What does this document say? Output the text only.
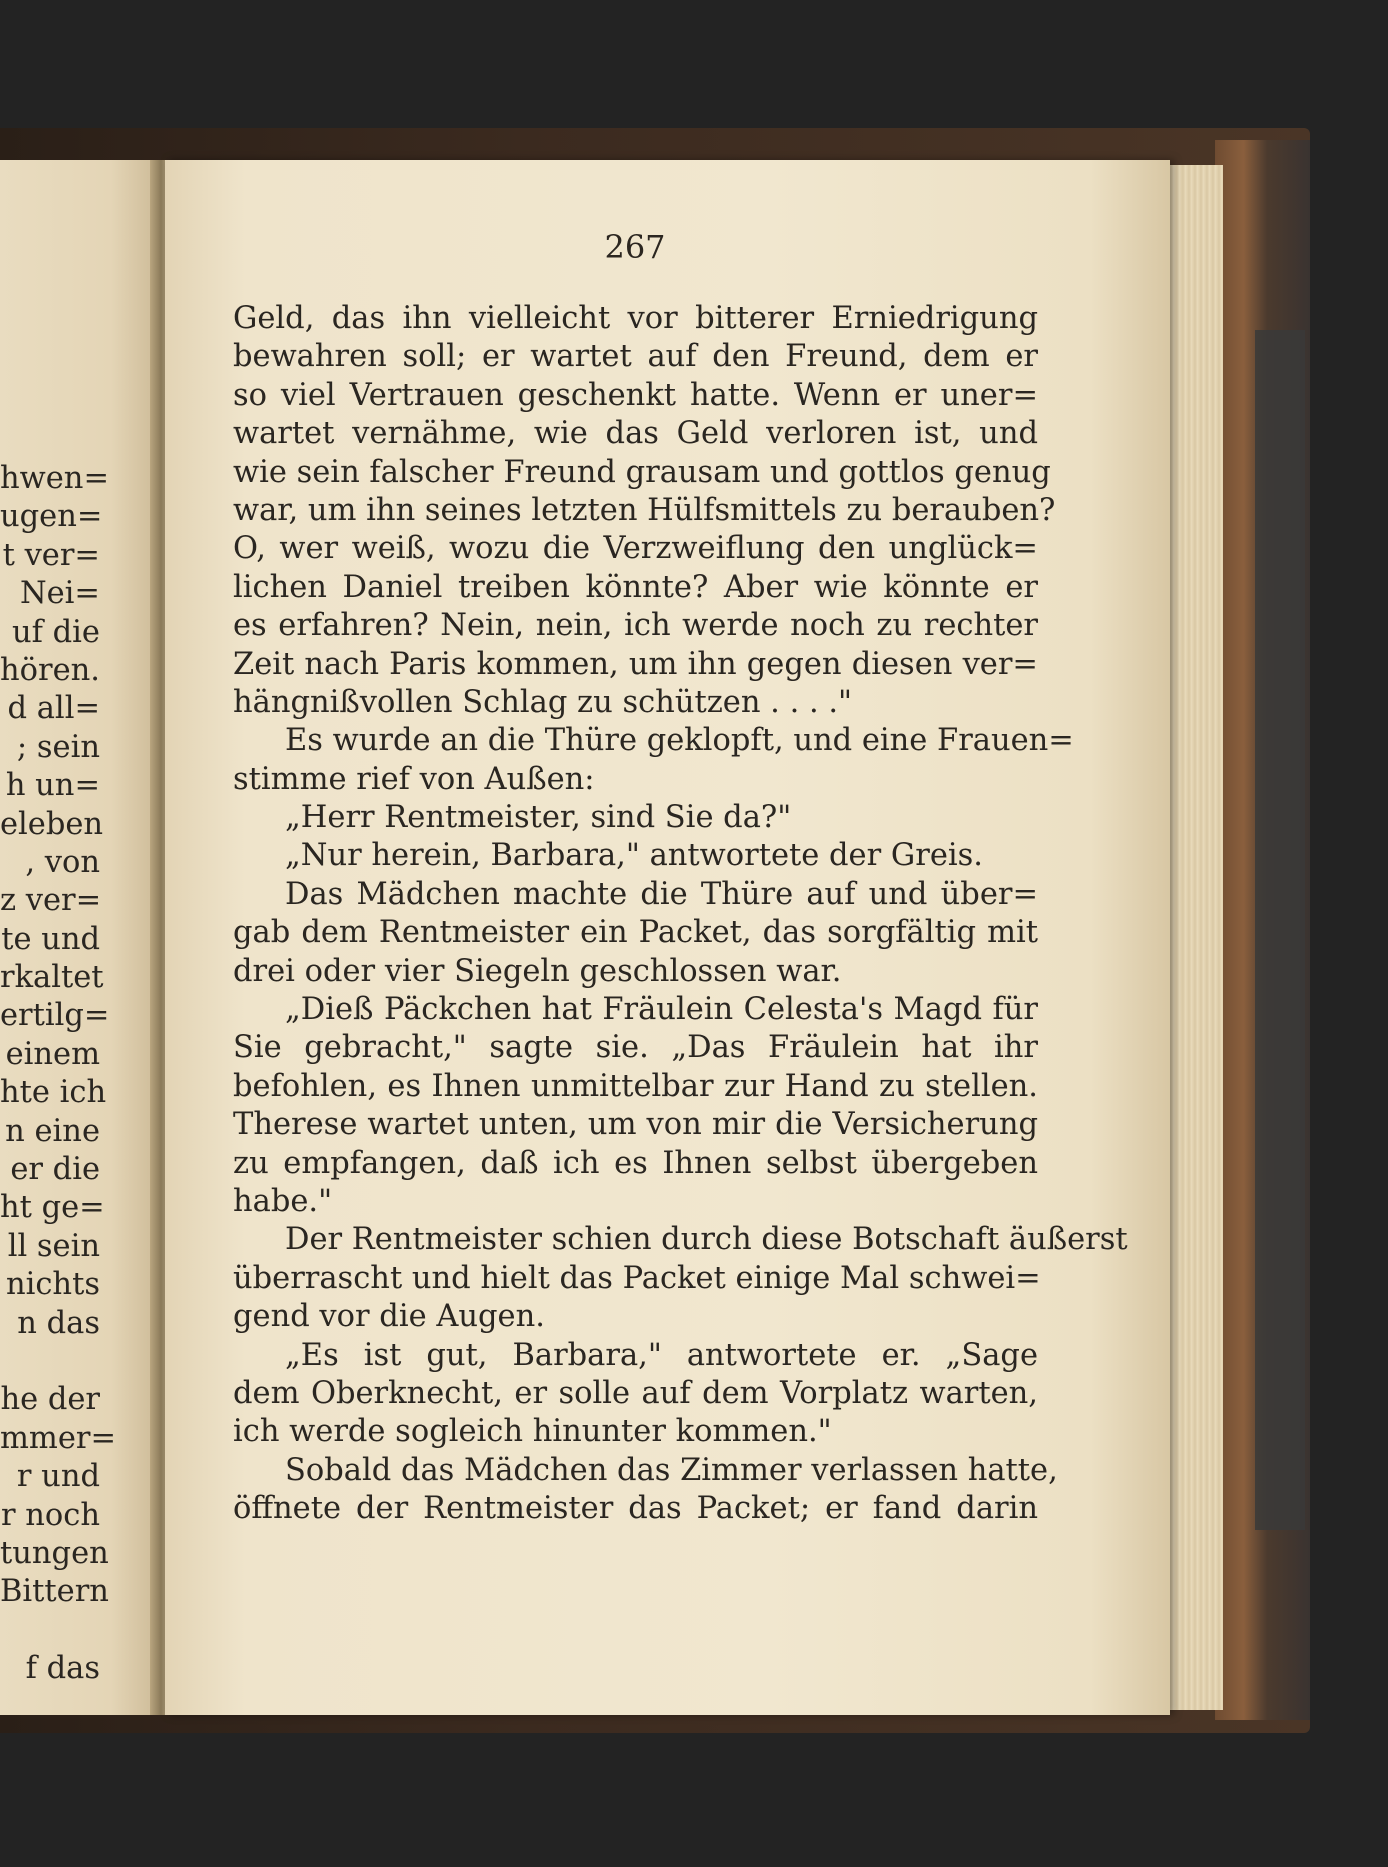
hwen=
ugen=
t ver=
Nei=
uf die
hören.
d all=
; sein
h un=
eleben
, von
z ver=
te und
rkaltet
ertilg=
einem
hte ich
n eine
er die
ht ge=
ll sein
nichts
n das
he der
mmer=
r und
r noch
tungen
Bittern
f das
267
Geld, das ihn vielleicht vor bitterer Erniedrigung
bewahren soll; er wartet auf den Freund, dem er
so viel Vertrauen geschenkt hatte. Wenn er uner=
wartet vernähme, wie das Geld verloren ist, und
wie sein falscher Freund grausam und gottlos genug
war, um ihn seines letzten Hülfsmittels zu berauben?
O, wer weiß, wozu die Verzweiflung den unglück=
lichen Daniel treiben könnte? Aber wie könnte er
es erfahren? Nein, nein, ich werde noch zu rechter
Zeit nach Paris kommen, um ihn gegen diesen ver=
hängnißvollen Schlag zu schützen . . . ."
Es wurde an die Thüre geklopft, und eine Frauen=
stimme rief von Außen:
„Herr Rentmeister, sind Sie da?"
„Nur herein, Barbara," antwortete der Greis.
Das Mädchen machte die Thüre auf und über=
gab dem Rentmeister ein Packet, das sorgfältig mit
drei oder vier Siegeln geschlossen war.
„Dieß Päckchen hat Fräulein Celesta's Magd für
Sie gebracht," sagte sie. „Das Fräulein hat ihr
befohlen, es Ihnen unmittelbar zur Hand zu stellen.
Therese wartet unten, um von mir die Versicherung
zu empfangen, daß ich es Ihnen selbst übergeben
habe."
Der Rentmeister schien durch diese Botschaft äußerst
überrascht und hielt das Packet einige Mal schwei=
gend vor die Augen.
„Es ist gut, Barbara," antwortete er. „Sage
dem Oberknecht, er solle auf dem Vorplatz warten,
ich werde sogleich hinunter kommen."
Sobald das Mädchen das Zimmer verlassen hatte,
öffnete der Rentmeister das Packet; er fand darin
